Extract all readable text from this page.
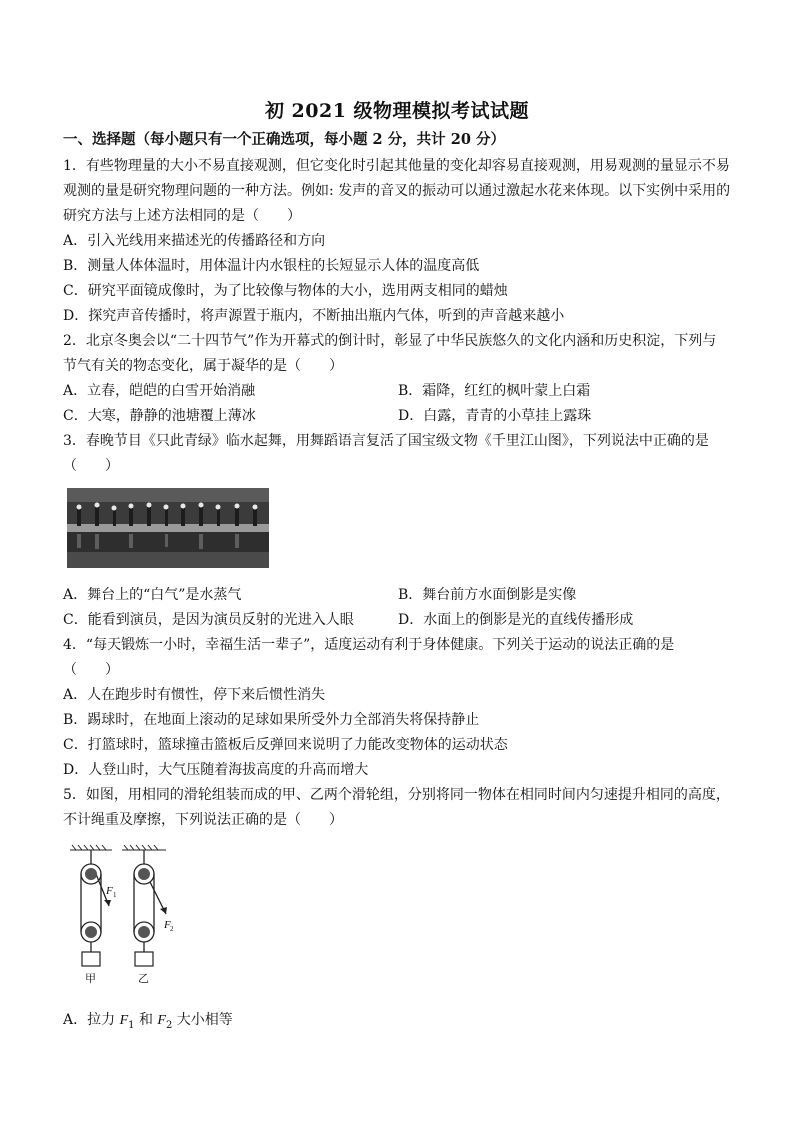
初 2021 级物理模拟考试试题
一、选择题（每小题只有一个正确选项，每小题 2 分，共计 20 分）
1．有些物理量的大小不易直接观测，但它变化时引起其他量的变化却容易直接观测，用易观测的量显示不易
观测的量是研究物理问题的一种方法。例如: 发声的音叉的振动可以通过激起水花来体现。以下实例中采用的
研究方法与上述方法相同的是（　　）
A．引入光线用来描述光的传播路径和方向
B．测量人体体温时，用体温计内水银柱的长短显示人体的温度高低
C．研究平面镜成像时，为了比较像与物体的大小，选用两支相同的蜡烛
D．探究声音传播时，将声源置于瓶内，不断抽出瓶内气体，听到的声音越来越小
2．北京冬奥会以“二十四节气”作为开幕式的倒计时，彰显了中华民族悠久的文化内涵和历史积淀，下列与
节气有关的物态变化，属于凝华的是（　　）
A．立春，皑皑的白雪开始消融	B．霜降，红红的枫叶蒙上白霜
C．大寒，静静的池塘覆上薄冰	D．白露，青青的小草挂上露珠
3．春晚节目《只此青绿》临水起舞，用舞蹈语言复活了国宝级文物《千里江山图》，下列说法中正确的是
（　　）
A．舞台上的“白气”是水蒸气	B．舞台前方水面倒影是实像
C．能看到演员，是因为演员反射的光进入人眼	D．水面上的倒影是光的直线传播形成
4．“每天锻炼一小时，幸福生活一辈子”，适度运动有利于身体健康。下列关于运动的说法正确的是
（　　）
A．人在跑步时有惯性，停下来后惯性消失
B．踢球时，在地面上滚动的足球如果所受外力全部消失将保持静止
C．打篮球时，篮球撞击篮板后反弹回来说明了力能改变物体的运动状态
D．人登山时，大气压随着海拔高度的升高而增大
5．如图，用相同的滑轮组装而成的甲、乙两个滑轮组，分别将同一物体在相同时间内匀速提升相同的高度，
不计绳重及摩擦，下列说法正确的是（　　）
F 1
F 2
甲	乙
A．拉力 $F_1$ 和 $F_2$ 大小相等
